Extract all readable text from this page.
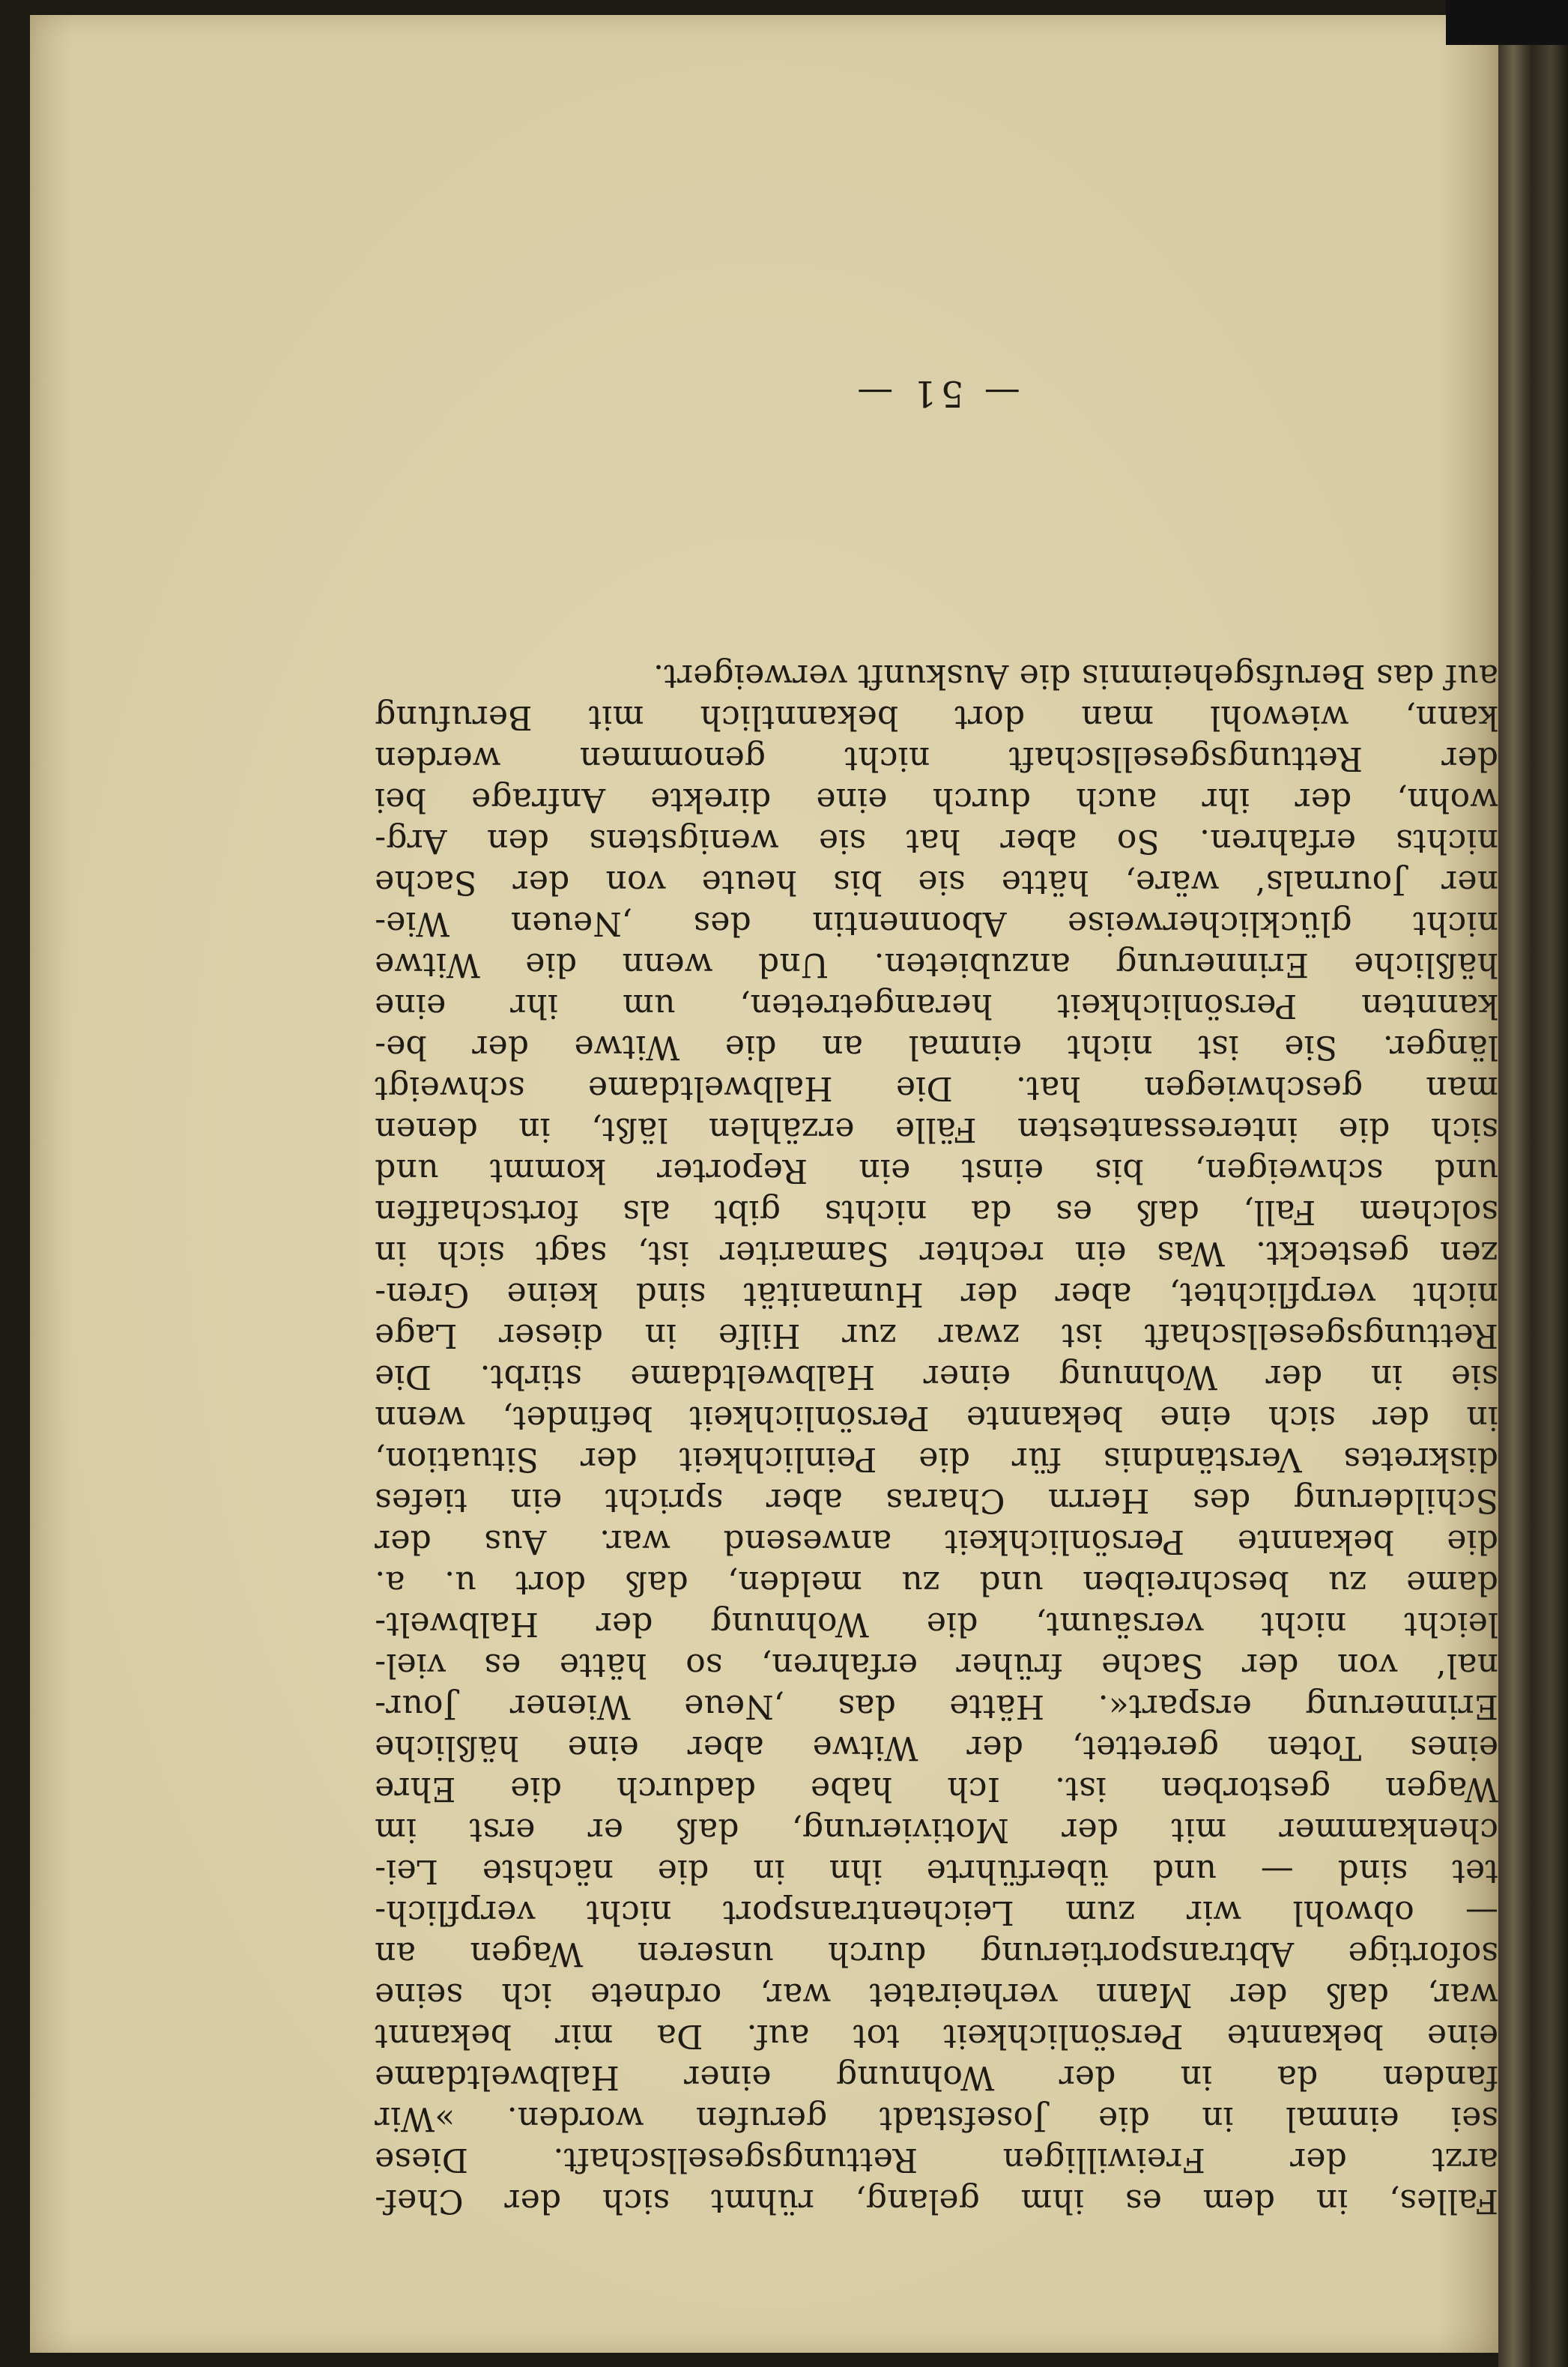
Falles, in dem es ihm gelang, rühmt sich der Chef-
arzt der Freiwilligen Rettungsgesellschaft. Diese
sei einmal in die Josefstadt gerufen worden. »Wir
fanden da in der Wohnung einer Halbweltdame
eine bekannte Persönlichkeit tot auf. Da mir bekannt
war, daß der Mann verheiratet war, ordnete ich seine
sofortige Abtransportierung durch unseren Wagen an
— obwohl wir zum Leichentransport nicht verpflich-
tet sind — und überführte ihn in die nächste Lei-
chenkammer mit der Motivierung, daß er erst im
Wagen gestorben ist. Ich habe dadurch die Ehre
eines Toten gerettet, der Witwe aber eine häßliche
Erinnerung erspart«. Hätte das ‚Neue Wiener Jour-
nal‘ von der Sache früher erfahren, so hätte es viel-
leicht nicht versäumt, die Wohnung der Halbwelt-
dame zu beschreiben und zu melden, daß dort u. a.
die bekannte Persönlichkeit anwesend war. Aus der
Schilderung des Herrn Charas aber spricht ein tiefes
diskretes Verständnis für die Peinlichkeit der Situation,
in der sich eine bekannte Persönlichkeit befindet, wenn
sie in der Wohnung einer Halbweltdame stirbt. Die
Rettungsgesellschaft ist zwar zur Hilfe in dieser Lage
nicht verpflichtet, aber der Humanität sind keine Gren-
zen gesteckt. Was ein rechter Samariter ist, sagt sich in
solchem Fall, daß es da nichts gibt als fortschaffen
und schweigen, bis einst ein Reporter kommt und
sich die interessantesten Fälle erzählen läßt, in denen
man geschwiegen hat. Die Halbweltdame schweigt
länger. Sie ist nicht einmal an die Witwe der be-
kannten Persönlichkeit herangetreten, um ihr eine
häßliche Erinnerung anzubieten. Und wenn die Witwe
nicht glücklicherweise Abonnentin des ‚Neuen Wie-
ner Journals‘ wäre, hätte sie bis heute von der Sache
nichts erfahren. So aber hat sie wenigstens den Arg-
wohn, der ihr auch durch eine direkte Anfrage bei
der Rettungsgesellschaft nicht genommen werden
kann, wiewohl man dort bekanntlich mit Berufung
auf das Berufsgeheimnis die Auskunft verweigert.
— 51 —
